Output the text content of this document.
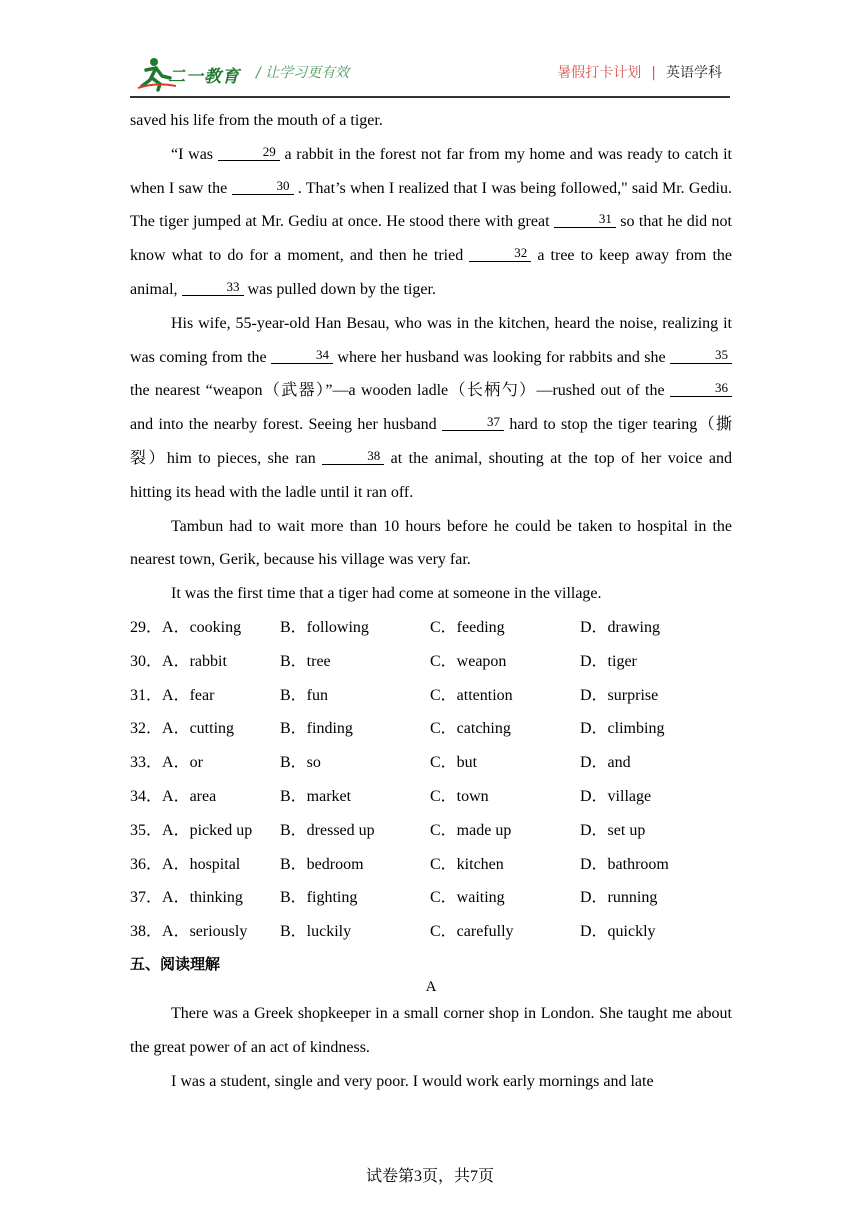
二一教育 / 让学习更有效	暑假打卡计划 | 英语学科

saved his life from the mouth of a tiger.

“I was	29 a rabbit in the forest not far from my home and was ready to catch it when I saw the	30 . That’s when I realized that I was being followed," said Mr. Gediu. The tiger jumped at Mr. Gediu at once. He stood there with great	31 so that he did not know what to do for a moment, and then he tried	32 a tree to keep away from the animal,	33 was pulled down by the tiger.

His wife, 55-year-old Han Besau, who was in the kitchen, heard the noise, realizing it was coming from the	34 where her husband was looking for rabbits and she	35 the nearest “weapon（武器）”—a wooden ladle（长柄勺）—rushed out of the	36 and into the nearby forest. Seeing her husband	37 hard to stop the tiger tearing（撕裂）him to pieces, she ran	38 at the animal, shouting at the top of her voice and hitting its head with the ladle until it ran off.

Tambun had to wait more than 10 hours before he could be taken to hospital in the nearest town, Gerik, because his village was very far.

It was the first time that a tiger had come at someone in the village.

29．A．cooking	B．following	C．feeding	D．drawing
30．A．rabbit	B．tree	C．weapon	D．tiger
31．A．fear	B．fun	C．attention	D．surprise
32．A．cutting	B．finding	C．catching	D．climbing
33．A．or	B．so	C．but	D．and
34．A．area	B．market	C．town	D．village
35．A．picked up	B．dressed up	C．made up	D．set up
36．A．hospital	B．bedroom	C．kitchen	D．bathroom
37．A．thinking	B．fighting	C．waiting	D．running
38．A．seriously	B．luckily	C．carefully	D．quickly
五、阅读理解
A

There was a Greek shopkeeper in a small corner shop in London. She taught me about the great power of an act of kindness.

I was a student, single and very poor. I would work early mornings and late

试卷第3页，共7页
